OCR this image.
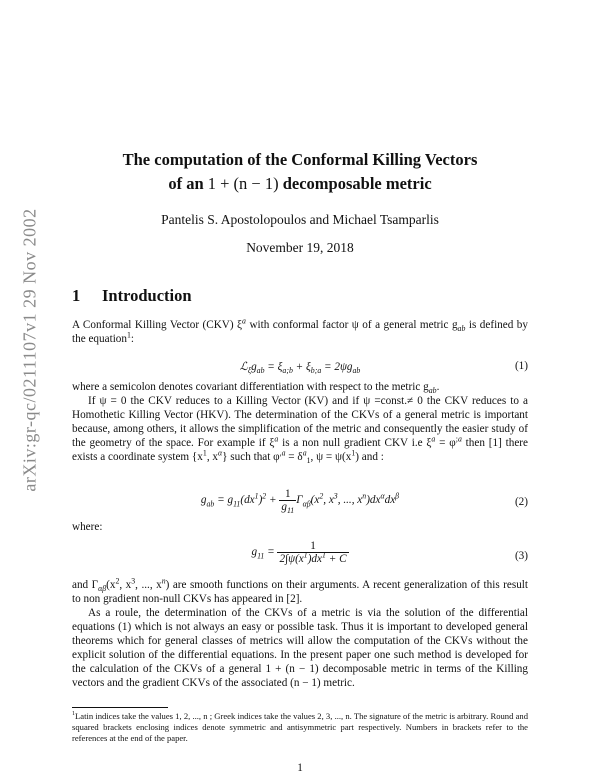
arXiv:gr-qc/0211107v1 29 Nov 2002
The computation of the Conformal Killing Vectors
of an 1 + (n − 1) decomposable metric
Pantelis S. Apostolopoulos and Michael Tsamparlis
November 19, 2018
1 Introduction
A Conformal Killing Vector (CKV) $\xi^a$ with conformal factor ψ of a general metric $g_{ab}$ is defined by the equation$^1$:
$ℒ_\xi g_{ab} = \xi_{a;b} + \xi_{b;a} = 2\psi g_{ab}$	(1)
where a semicolon denotes covariant differentiation with respect to the metric $g_{ab}$.
If ψ = 0 the CKV reduces to a Killing Vector (KV) and if ψ =const.≠ 0 the CKV reduces to a Homothetic Killing Vector (HKV). The determination of the CKVs of a general metric is important because, among others, it allows the simplification of the metric and consequently the easier study of the geometry of the space. For example if $\xi^a$ is a non null gradient CKV i.e $\xi^a = \varphi^{;a}$ then [1] there exists a coordinate system {$x^1$, $x^\alpha$} such that $\varphi^{,a} = \delta^a_1$, $\psi = \psi(x^1)$ and :
$g_{ab} = g_{11}(dx^1)^2 + \frac{1}{g_{11}} \Gamma_{\alpha\beta}(x^2$, $x^3$, ..., $x^n)dx^\alpha dx^\beta$
(2)
where:
$g_{11} = \frac{1}{2\int\psi(x^1)dx^1 + C}$	(3)
and $\Gamma_{\alpha\beta}(x^2$, $x^3$, ..., $x^n$) are smooth functions on their arguments. A recent generalization of this result to non gradient non-null CKVs has appeared in [2].
As a roule, the determination of the CKVs of a metric is via the solution of the differential equations (1) which is not always an easy or possible task. Thus it is important to developed general theorems which for general classes of metrics will allow the computation of the CKVs without the explicit solution of the differential equations. In the present paper one such method is developed for the calculation of the CKVs of a general 1 + (n − 1) decomposable metric in terms of the Killing vectors and the gradient CKVs of the associated (n − 1) metric.
$^1$Latin indices take the values 1, 2, ..., n ; Greek indices take the values 2, 3, ..., n. The signature of the metric is arbitrary. Round and squared brackets enclosing indices denote symmetric and antisymmetric part respectively. Numbers in brackets refer to the references at the end of the paper.
1
